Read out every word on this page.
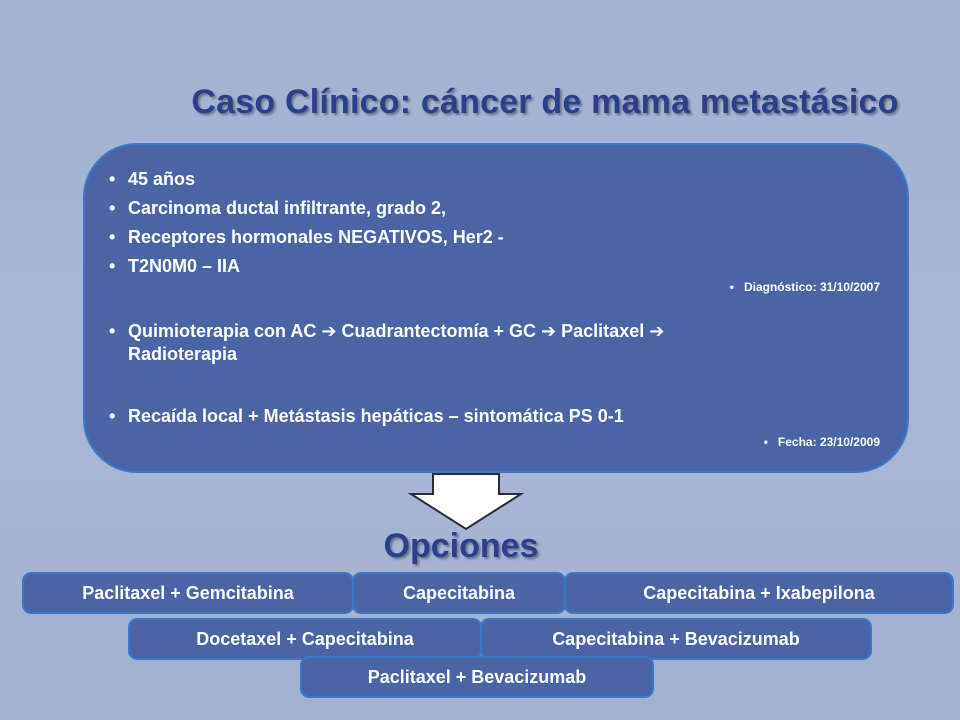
Caso Clínico: cáncer de mama metastásico
• 45 años
• Carcinoma ductal infiltrante, grado 2,
• Receptores hormonales NEGATIVOS, Her2 -
• T2N0M0 – IIA
• Diagnóstico: 31/10/2007
• Quimioterapia con AC ➔ Cuadrantectomía + GC ➔ Paclitaxel ➔
Radioterapia
• Recaída local + Metástasis hepáticas – sintomática PS 0-1
• Fecha: 23/10/2009
Opciones
Paclitaxel + Gemcitabina	Capecitabina	Capecitabina + Ixabepilona
Docetaxel + Capecitabina	Capecitabina + Bevacizumab
Paclitaxel + Bevacizumab
